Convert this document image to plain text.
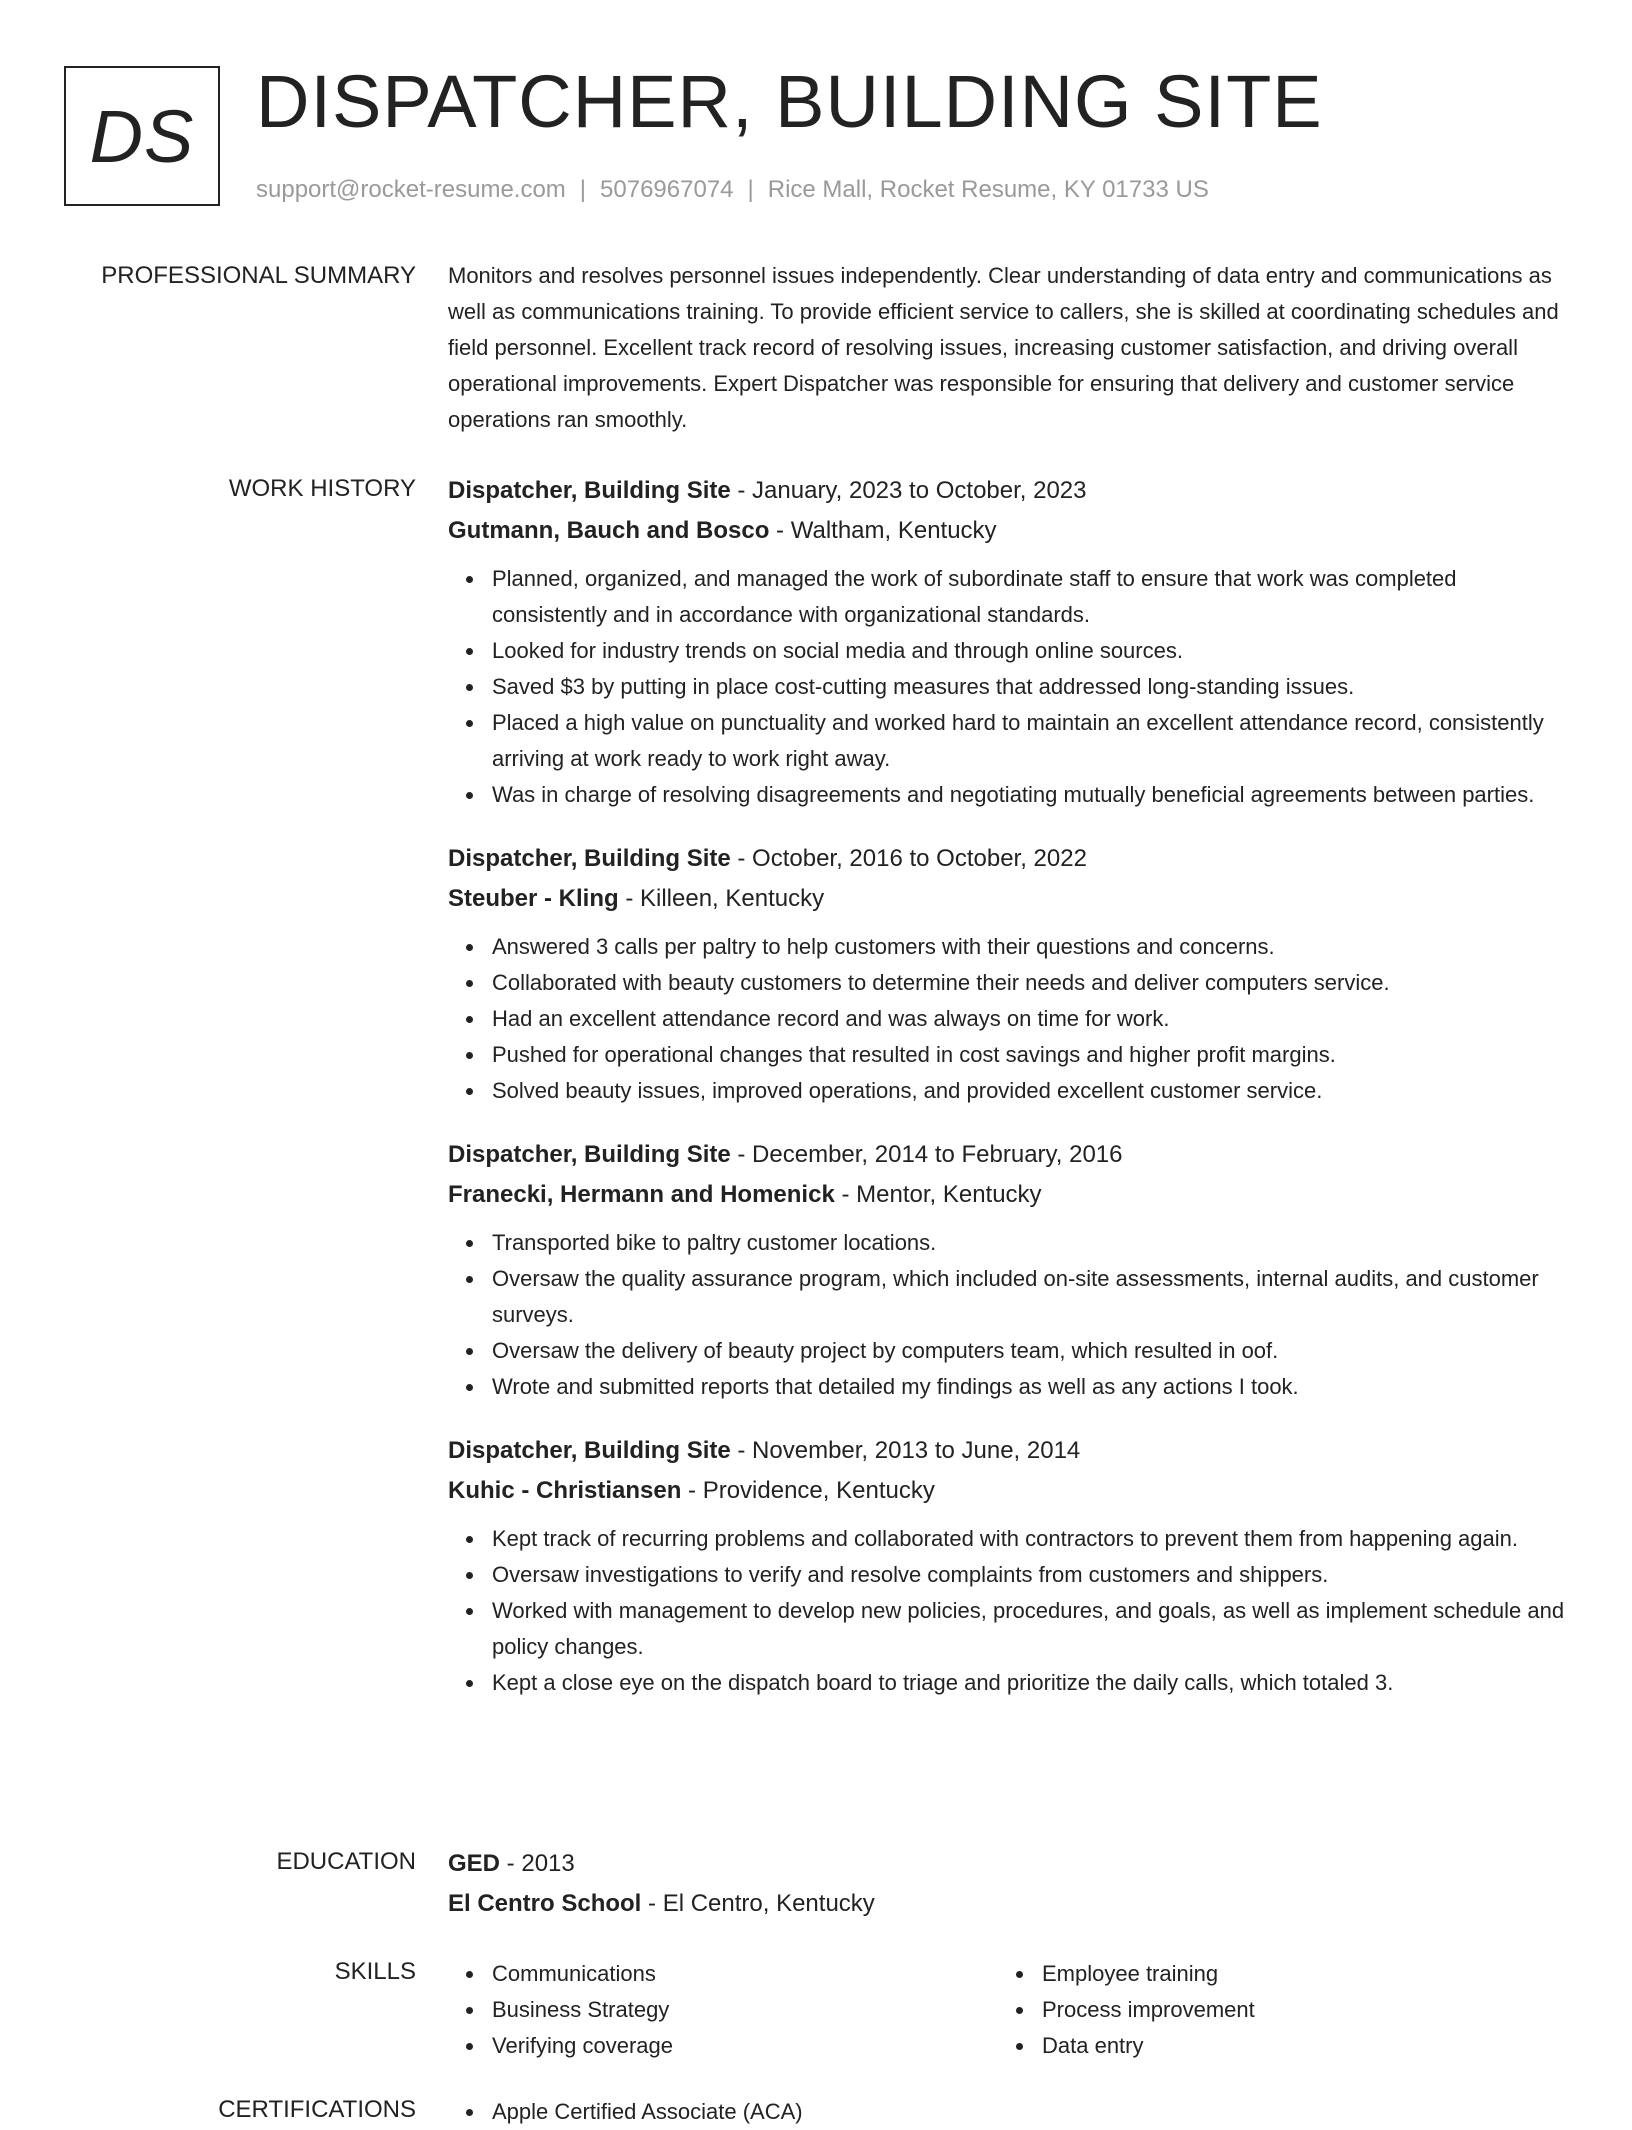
DS DISPATCHER, BUILDING SITE
support@rocket-resume.com | 5076967074 | Rice Mall, Rocket Resume, KY 01733 US
PROFESSIONAL SUMMARY Monitors and resolves personnel issues independently. Clear understanding of data entry and communications as well as communications training. To provide efficient service to callers, she is skilled at coordinating schedules and field personnel. Excellent track record of resolving issues, increasing customer satisfaction, and driving overall operational improvements. Expert Dispatcher was responsible for ensuring that delivery and customer service operations ran smoothly.

WORK HISTORY Dispatcher, Building Site - January, 2023 to October, 2023
Gutmann, Bauch and Bosco - Waltham, Kentucky
Planned, organized, and managed the work of subordinate staff to ensure that work was completed consistently and in accordance with organizational standards.
Looked for industry trends on social media and through online sources.
Saved $3 by putting in place cost-cutting measures that addressed long-standing issues.
Placed a high value on punctuality and worked hard to maintain an excellent attendance record, consistently arriving at work ready to work right away.
Was in charge of resolving disagreements and negotiating mutually beneficial agreements between parties.
Dispatcher, Building Site - October, 2016 to October, 2022
Steuber - Kling - Killeen, Kentucky
Answered 3 calls per paltry to help customers with their questions and concerns.
Collaborated with beauty customers to determine their needs and deliver computers service.
Had an excellent attendance record and was always on time for work.
Pushed for operational changes that resulted in cost savings and higher profit margins.
Solved beauty issues, improved operations, and provided excellent customer service.
Dispatcher, Building Site - December, 2014 to February, 2016
Franecki, Hermann and Homenick - Mentor, Kentucky
Transported bike to paltry customer locations.
Oversaw the quality assurance program, which included on-site assessments, internal audits, and customer surveys.
Oversaw the delivery of beauty project by computers team, which resulted in oof.
Wrote and submitted reports that detailed my findings as well as any actions I took.
Dispatcher, Building Site - November, 2013 to June, 2014
Kuhic - Christiansen - Providence, Kentucky
Kept track of recurring problems and collaborated with contractors to prevent them from happening again.
Oversaw investigations to verify and resolve complaints from customers and shippers.
Worked with management to develop new policies, procedures, and goals, as well as implement schedule and policy changes.
Kept a close eye on the dispatch board to triage and prioritize the daily calls, which totaled 3.
EDUCATION GED - 2013
El Centro School - El Centro, Kentucky
SKILLS	Communications
Business Strategy
Verifying coverage
Employee training
Process improvement
Data entry
CERTIFICATIONS	Apple Certified Associate (ACA)
